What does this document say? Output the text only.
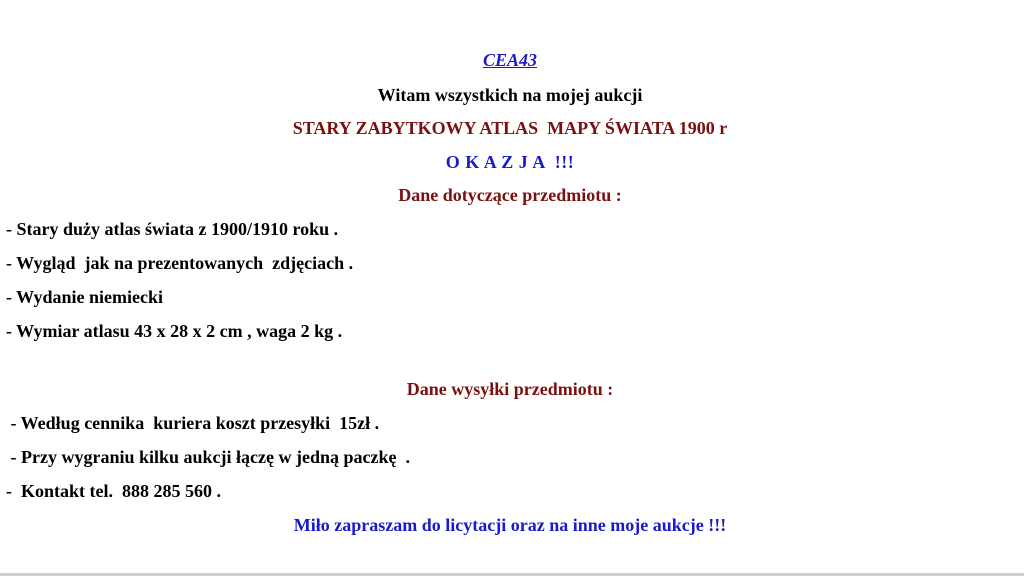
CEA43
Witam wszystkich na mojej aukcji
STARY ZABYTKOWY ATLAS  MAPY ŚWIATA 1900 r
O K A Z J A  !!!
Dane dotyczące przedmiotu :
- Stary duży atlas świata z 1900/1910 roku .
- Wygląd  jak na prezentowanych  zdjęciach .
- Wydanie niemiecki
- Wymiar atlasu 43 x 28 x 2 cm , waga 2 kg .
Dane wysyłki przedmiotu :
- Według cennika  kuriera koszt przesyłki  15zł .
- Przy wygraniu kilku aukcji łączę w jedną paczkę  .
-  Kontakt tel.  888 285 560 .
Miło zapraszam do licytacji oraz na inne moje aukcje !!!
